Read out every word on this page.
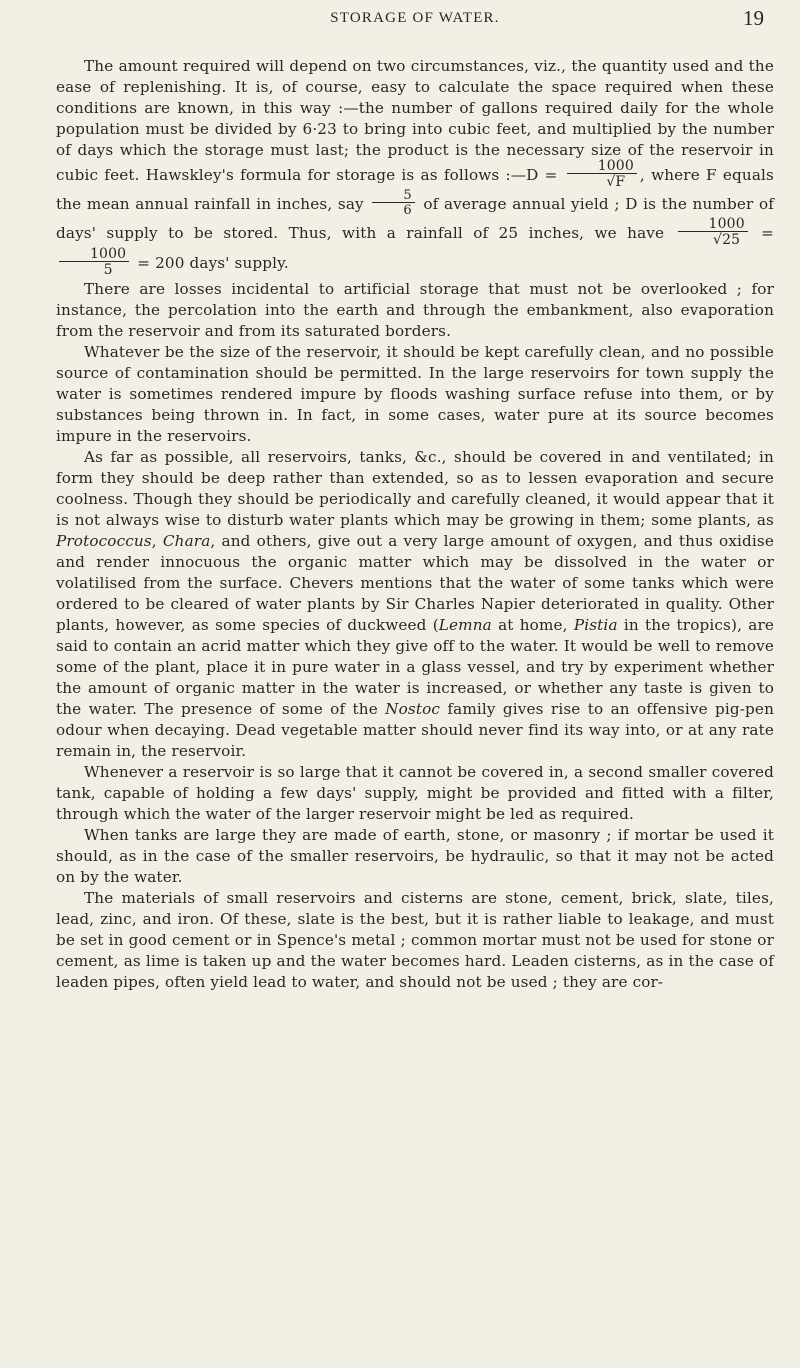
STORAGE OF WATER.	19

The amount required will depend on two circumstances, viz., the quantity used and the ease of replenishing. It is, of course, easy to calculate the space required when these conditions are known, in this way :—the number of gallons required daily for the whole population must be divided by 6·23 to bring into cubic feet, and multiplied by the number of days which the storage must last; the product is the necessary size of the reservoir in cubic feet. Hawskley's formula for storage is as follows :—D = $\frac{1000}{√F}$ , where F equals the mean annual rainfall in inches, say $\frac{5}{6}$ of average annual yield ; D is the number of days' supply to be stored. Thus, with a rainfall of 25 inches, we have $\frac{1000}{√25}$ =
$\frac{1000}{5} = 200$ days' supply.

There are losses incidental to artificial storage that must not be overlooked ; for instance, the percolation into the earth and through the embankment, also evaporation from the reservoir and from its saturated borders.

Whatever be the size of the reservoir, it should be kept carefully clean, and no possible source of contamination should be permitted. In the large reservoirs for town supply the water is sometimes rendered impure by floods washing surface refuse into them, or by substances being thrown in. In fact, in some cases, water pure at its source becomes impure in the reservoirs.

As far as possible, all reservoirs, tanks, &c., should be covered in and ventilated; in form they should be deep rather than extended, so as to lessen evaporation and secure coolness. Though they should be periodically and carefully cleaned, it would appear that it is not always wise to disturb water plants which may be growing in them; some plants, as Protococcus, Chara, and others, give out a very large amount of oxygen, and thus oxidise and render innocuous the organic matter which may be dissolved in the water or volatilised from the surface. Chevers mentions that the water of some tanks which were ordered to be cleared of water plants by Sir Charles Napier deteriorated in quality. Other plants, however, as some species of duckweed (Lemna at home, Pistia in the tropics), are said to contain an acrid matter which they give off to the water. It would be well to remove some of the plant, place it in pure water in a glass vessel, and try by experiment whether the amount of organic matter in the water is increased, or whether any taste is given to the water. The presence of some of the Nostoc family gives rise to an offensive pig-pen odour when decaying. Dead vegetable matter should never find its way into, or at any rate remain in, the reservoir.

Whenever a reservoir is so large that it cannot be covered in, a second smaller covered tank, capable of holding a few days' supply, might be provided and fitted with a filter, through which the water of the larger reservoir might be led as required.

When tanks are large they are made of earth, stone, or masonry ; if mortar be used it should, as in the case of the smaller reservoirs, be hydraulic, so that it may not be acted on by the water.

The materials of small reservoirs and cisterns are stone, cement, brick, slate, tiles, lead, zinc, and iron. Of these, slate is the best, but it is rather liable to leakage, and must be set in good cement or in Spence's metal ; common mortar must not be used for stone or cement, as lime is taken up and the water becomes hard. Leaden cisterns, as in the case of leaden pipes, often yield lead to water, and should not be used ; they are cor-
